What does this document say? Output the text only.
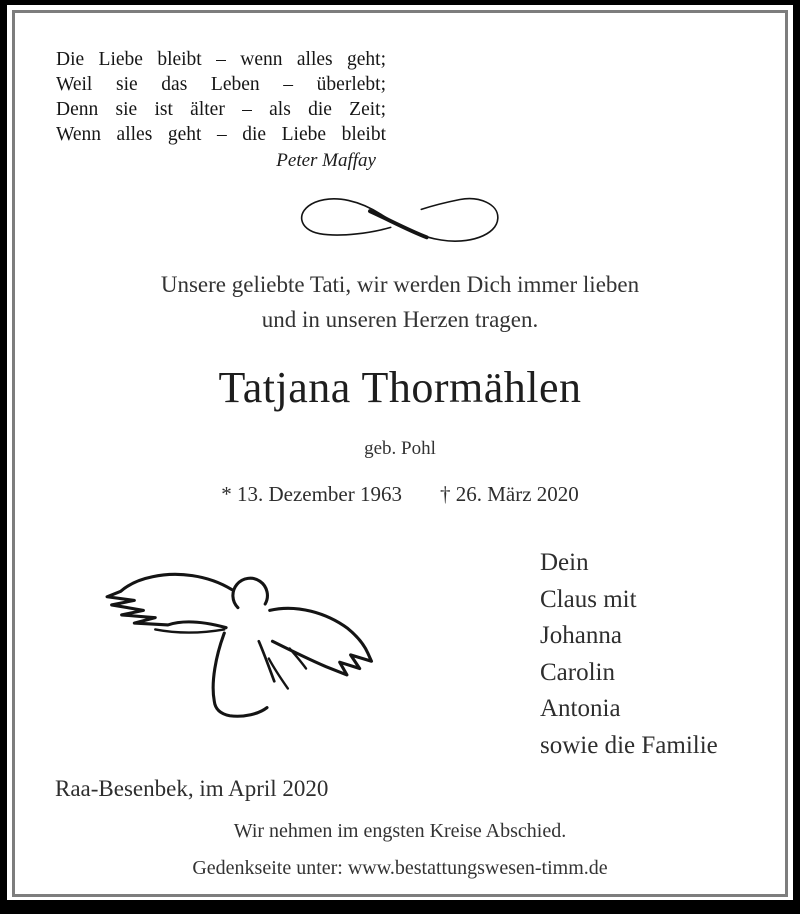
Die Liebe bleibt – wenn alles geht;
Weil sie das Leben – überlebt;
Denn sie ist älter – als die Zeit;
Wenn alles geht – die Liebe bleibt
Peter Maffay
Unsere geliebte Tati, wir werden Dich immer lieben
und in unseren Herzen tragen.
Tatjana Thormählen
geb. Pohl
* 13. Dezember 1963 † 26. März 2020
Dein
Claus mit
Johanna
Carolin
Antonia
sowie die Familie
Raa-Besenbek, im April 2020
Wir nehmen im engsten Kreise Abschied.
Gedenkseite unter: www.bestattungswesen-timm.de
